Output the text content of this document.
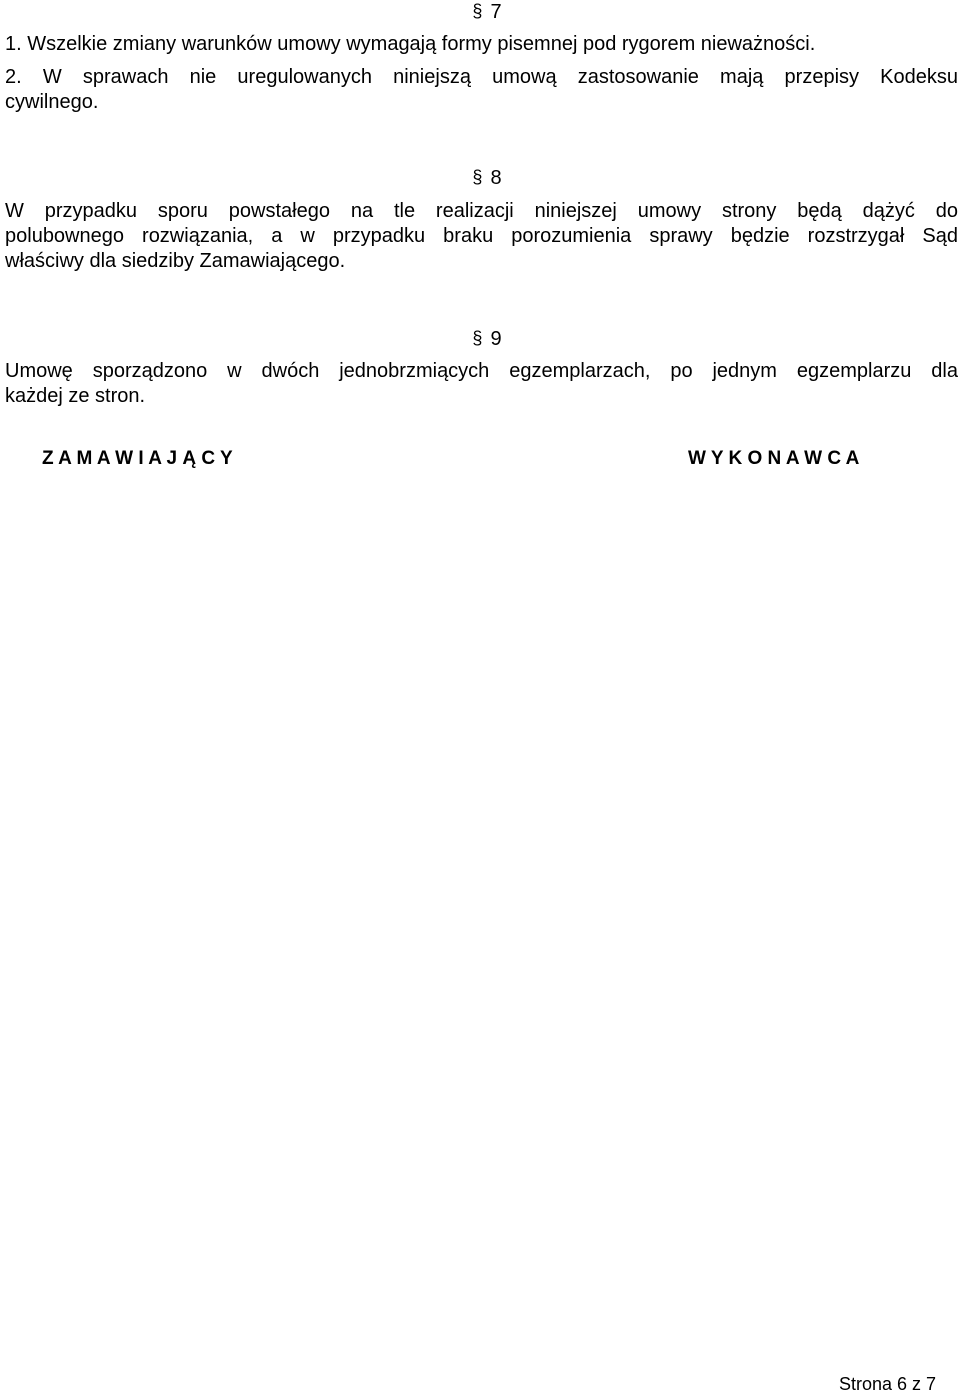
§ 7
1. Wszelkie zmiany warunków umowy wymagają formy pisemnej pod rygorem nieważności.
2. W sprawach nie uregulowanych niniejszą umową zastosowanie mają przepisy Kodeksu
cywilnego.
§ 8
W przypadku sporu powstałego na tle realizacji niniejszej umowy strony będą dążyć do
polubownego rozwiązania, a w przypadku braku porozumienia sprawy będzie rozstrzygał Sąd
właściwy dla siedziby Zamawiającego.
§ 9
Umowę sporządzono w dwóch jednobrzmiących egzemplarzach, po jednym egzemplarzu dla
każdej ze stron.
Z A M A W I A J Ą C Y	W Y K O N A W C A
Strona 6 z 7
